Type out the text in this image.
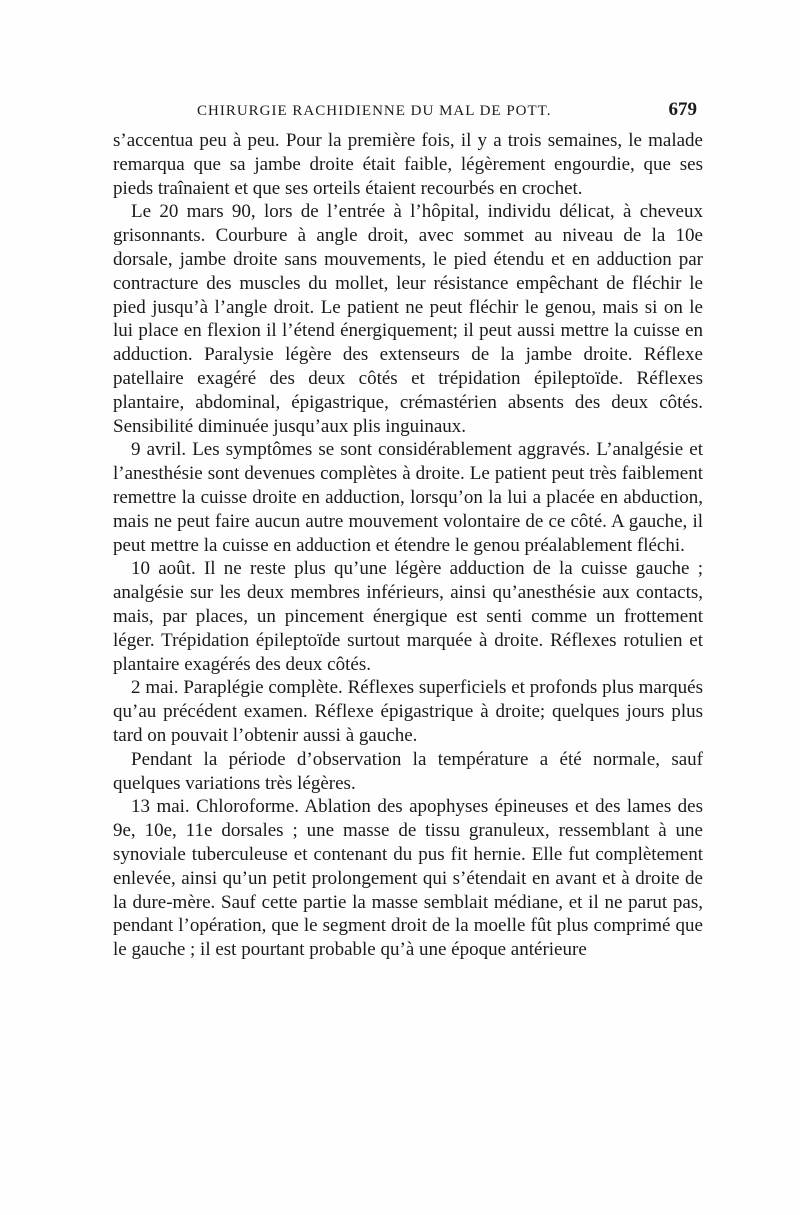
CHIRURGIE RACHIDIENNE DU MAL DE POTT.	679

s’accentua peu à peu. Pour la première fois, il y a trois semaines, le malade remarqua que sa jambe droite était faible, légèrement engourdie, que ses pieds traînaient et que ses orteils étaient recourbés en crochet.

Le 20 mars 90, lors de l’entrée à l’hôpital, individu délicat, à cheveux grisonnants. Courbure à angle droit, avec sommet au niveau de la 10e dorsale, jambe droite sans mouvements, le pied étendu et en adduction par contracture des muscles du mollet, leur résistance empêchant de fléchir le pied jusqu’à l’angle droit. Le patient ne peut fléchir le genou, mais si on le lui place en flexion il l’étend énergiquement; il peut aussi mettre la cuisse en adduction. Paralysie légère des extenseurs de la jambe droite. Réflexe patellaire exagéré des deux côtés et trépidation épileptoïde. Réflexes plantaire, abdominal, épigastrique, crémastérien absents des deux côtés. Sensibilité diminuée jusqu’aux plis inguinaux.

9 avril. Les symptômes se sont considérablement aggravés. L’analgésie et l’anesthésie sont devenues complètes à droite. Le patient peut très faiblement remettre la cuisse droite en adduction, lorsqu’on la lui a placée en abduction, mais ne peut faire aucun autre mouvement volontaire de ce côté. A gauche, il peut mettre la cuisse en adduction et étendre le genou préalablement fléchi.

10 août. Il ne reste plus qu’une légère adduction de la cuisse gauche ; analgésie sur les deux membres inférieurs, ainsi qu’anesthésie aux contacts, mais, par places, un pincement énergique est senti comme un frottement léger. Trépidation épileptoïde surtout marquée à droite. Réflexes rotulien et plantaire exagérés des deux côtés.

2 mai. Paraplégie complète. Réflexes superficiels et profonds plus marqués qu’au précédent examen. Réflexe épigastrique à droite; quelques jours plus tard on pouvait l’obtenir aussi à gauche.

Pendant la période d’observation la température a été normale, sauf quelques variations très légères.

13 mai. Chloroforme. Ablation des apophyses épineuses et des lames des 9e, 10e, 11e dorsales ; une masse de tissu granuleux, ressemblant à une synoviale tuberculeuse et contenant du pus fit hernie. Elle fut complètement enlevée, ainsi qu’un petit prolongement qui s’étendait en avant et à droite de la dure-mère. Sauf cette partie la masse semblait médiane, et il ne parut pas, pendant l’opération, que le segment droit de la moelle fût plus comprimé que le gauche ; il est pourtant probable qu’à une époque antérieure
